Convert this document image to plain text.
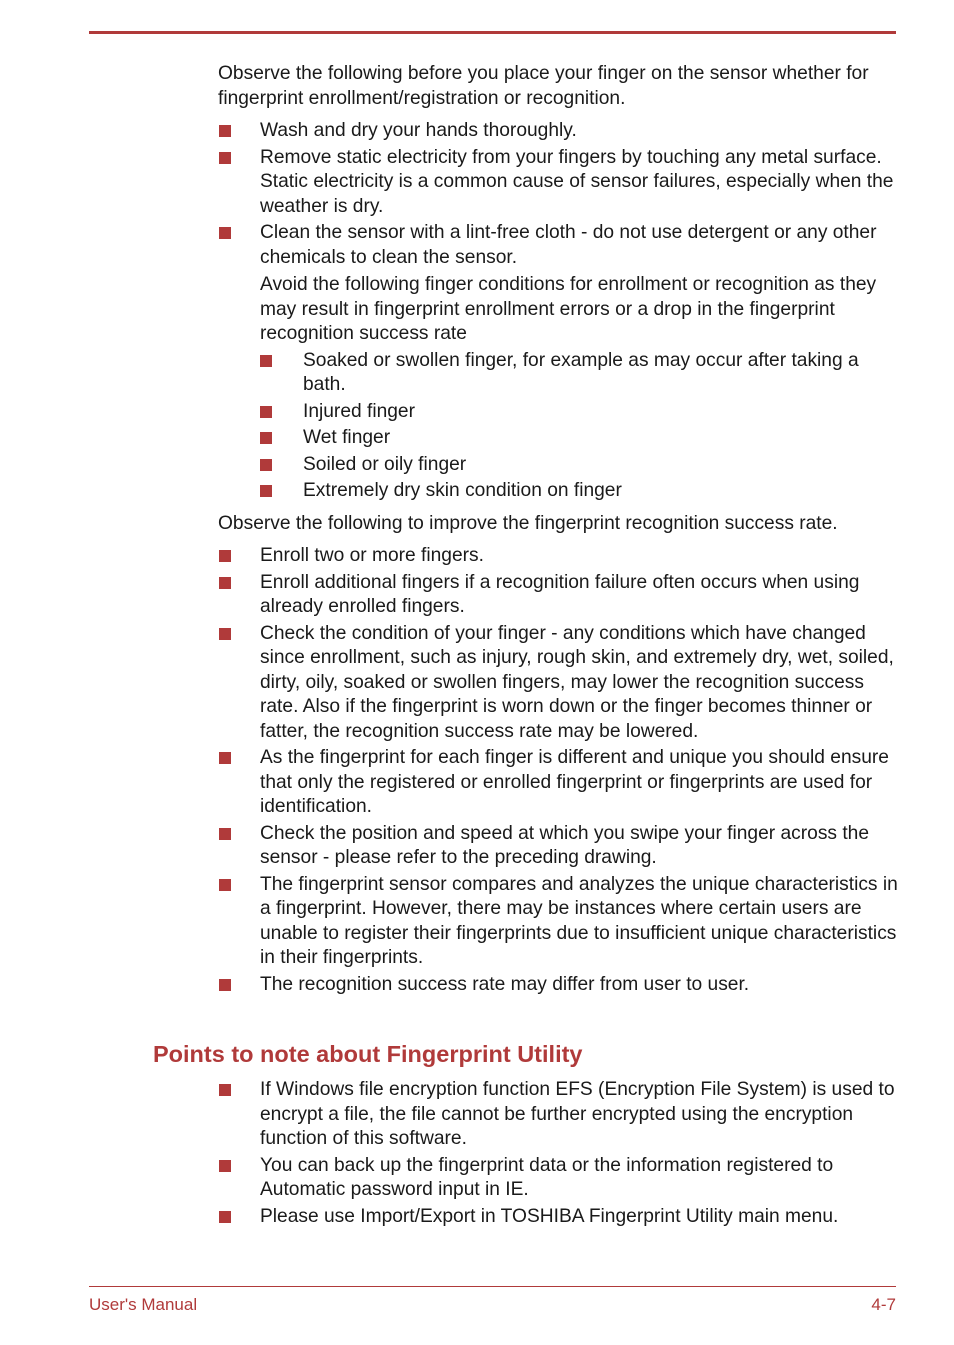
Observe the following before you place your finger on the sensor whether for fingerprint enrollment/registration or recognition.

Wash and dry your hands thoroughly.
Remove static electricity from your fingers by touching any metal surface. Static electricity is a common cause of sensor failures, especially when the weather is dry.
Clean the sensor with a lint-free cloth - do not use detergent or any other chemicals to clean the sensor.

Avoid the following finger conditions for enrollment or recognition as they may result in fingerprint enrollment errors or a drop in the fingerprint recognition success rate

Soaked or swollen finger, for example as may occur after taking a bath.
Injured finger
Wet finger
Soiled or oily finger
Extremely dry skin condition on finger

Observe the following to improve the fingerprint recognition success rate.

Enroll two or more fingers.
Enroll additional fingers if a recognition failure often occurs when using already enrolled fingers.
Check the condition of your finger - any conditions which have changed since enrollment, such as injury, rough skin, and extremely dry, wet, soiled, dirty, oily, soaked or swollen fingers, may lower the recognition success rate. Also if the fingerprint is worn down or the finger becomes thinner or fatter, the recognition success rate may be lowered.
As the fingerprint for each finger is different and unique you should ensure that only the registered or enrolled fingerprint or fingerprints are used for identification.
Check the position and speed at which you swipe your finger across the sensor - please refer to the preceding drawing.
The fingerprint sensor compares and analyzes the unique characteristics in a fingerprint. However, there may be instances where certain users are unable to register their fingerprints due to insufficient unique characteristics in their fingerprints.
The recognition success rate may differ from user to user.
Points to note about Fingerprint Utility
If Windows file encryption function EFS (Encryption File System) is used to encrypt a file, the file cannot be further encrypted using the encryption function of this software.
You can back up the fingerprint data or the information registered to Automatic password input in IE.
Please use Import/Export in TOSHIBA Fingerprint Utility main menu.
User's Manual	4-7
